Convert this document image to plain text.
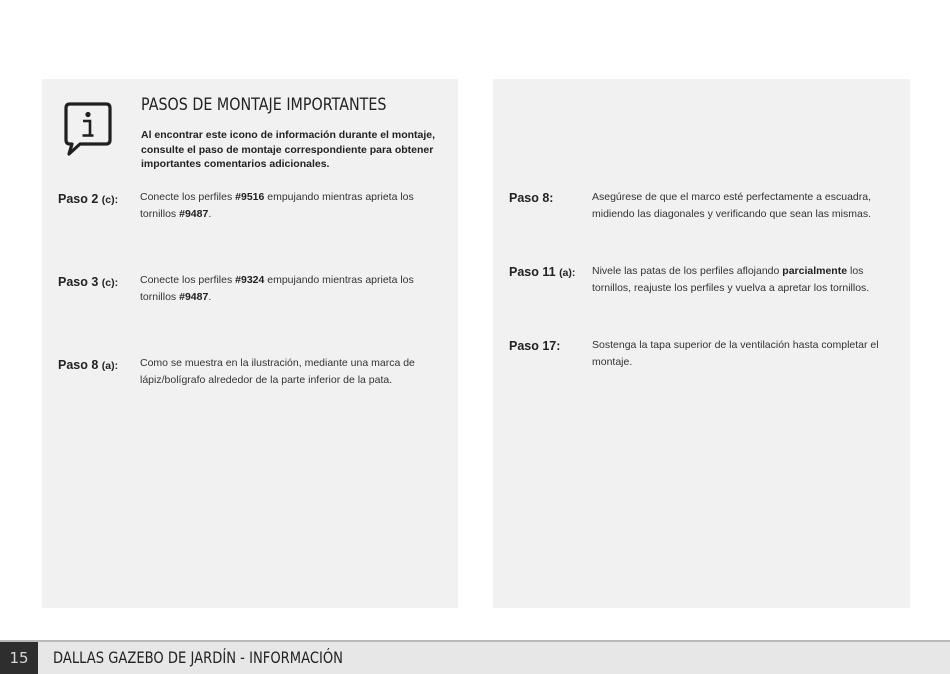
PASOS DE MONTAJE IMPORTANTES

Al encontrar este icono de información durante el montaje, consulte el paso de montaje correspondiente para obtener importantes comentarios adicionales.

Paso 2 (c): Conecte los perfiles #9516 empujando mientras aprieta los tornillos #9487.

Paso 3 (c): Conecte los perfiles #9324 empujando mientras aprieta los tornillos #9487.

Paso 8 (a): Como se muestra en la ilustración, mediante una marca de lápiz/bolígrafo alrededor de la parte inferior de la pata.

Paso 8:	Asegúrese de que el marco esté perfectamente a escuadra, midiendo las diagonales y verificando que sean las mismas.

Paso 11 (a): Nivele las patas de los perfiles aflojando parcialmente los tornillos, reajuste los perfiles y vuelva a apretar los tornillos.

Paso 17:	Sostenga la tapa superior de la ventilación hasta completar el montaje.

15	DALLAS GAZEBO DE JARDÍN - INFORMACIÓN
